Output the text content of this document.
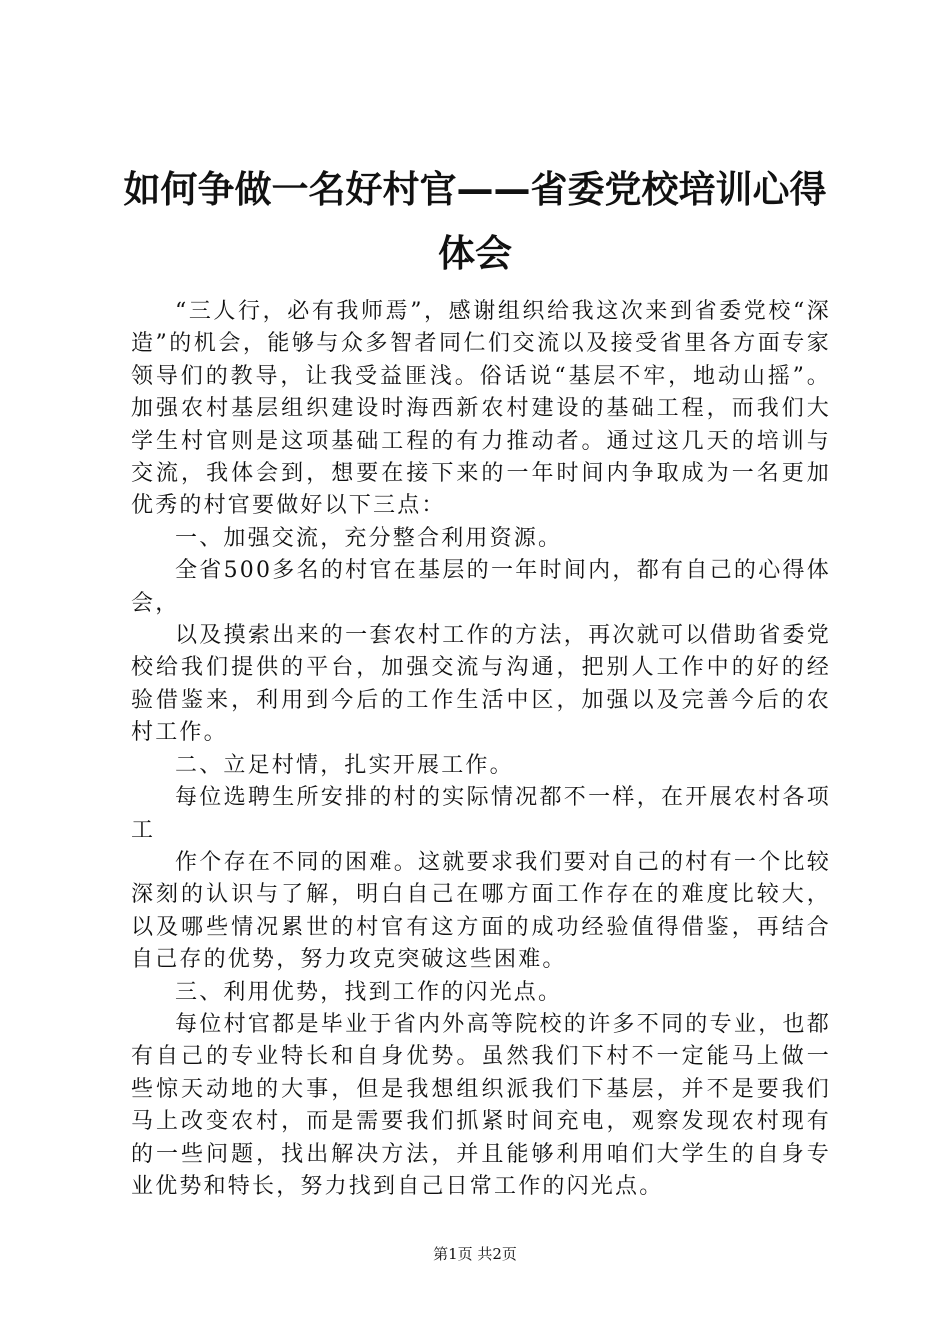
如何争做一名好村官——省委党校培训心得体会

“三人行，必有我师焉”，感谢组织给我这次来到省委党校“深造”的机会，能够与众多智者同仁们交流以及接受省里各方面专家领导们的教导，让我受益匪浅。俗话说“基层不牢，地动山摇”。加强农村基层组织建设时海西新农村建设的基础工程，而我们大学生村官则是这项基础工程的有力推动者。通过这几天的培训与交流，我体会到，想要在接下来的一年时间内争取成为一名更加优秀的村官要做好以下三点：

一、加强交流，充分整合利用资源。

全省500多名的村官在基层的一年时间内，都有自己的心得体会，

以及摸索出来的一套农村工作的方法，再次就可以借助省委党校给我们提供的平台，加强交流与沟通，把别人工作中的好的经验借鉴来，利用到今后的工作生活中区，加强以及完善今后的农村工作。

二、立足村情，扎实开展工作。

每位选聘生所安排的村的实际情况都不一样，在开展农村各项工

作个存在不同的困难。这就要求我们要对自己的村有一个比较深刻的认识与了解，明白自己在哪方面工作存在的难度比较大，以及哪些情况累世的村官有这方面的成功经验值得借鉴，再结合自己存的优势，努力攻克突破这些困难。

三、利用优势，找到工作的闪光点。

每位村官都是毕业于省内外高等院校的许多不同的专业，也都有自己的专业特长和自身优势。虽然我们下村不一定能马上做一些惊天动地的大事，但是我想组织派我们下基层，并不是要我们马上改变农村，而是需要我们抓紧时间充电，观察发现农村现有的一些问题，找出解决方法，并且能够利用咱们大学生的自身专业优势和特长，努力找到自己日常工作的闪光点。

第1页 共2页
